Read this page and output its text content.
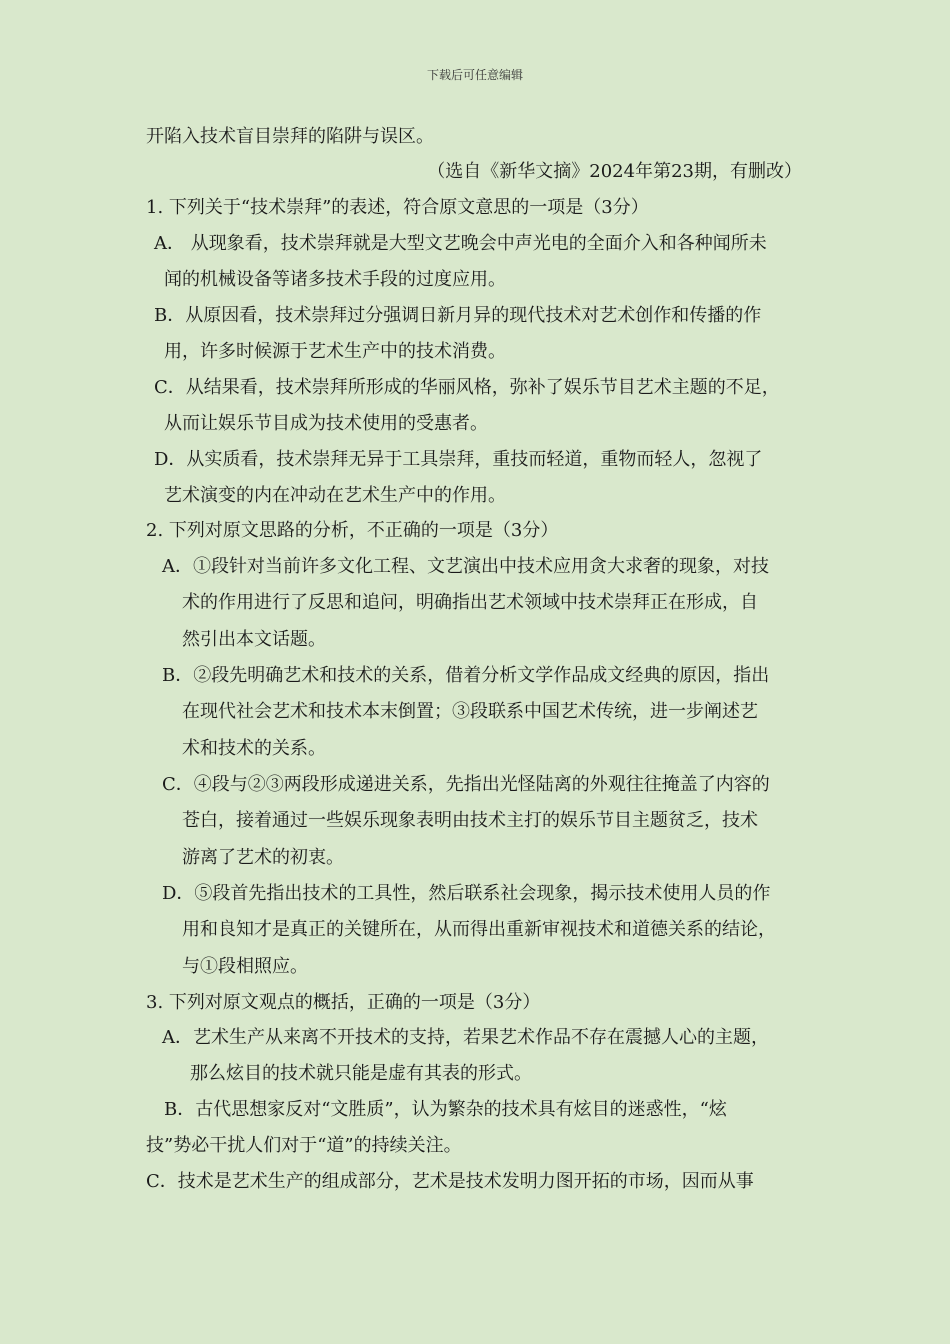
下载后可任意编辑
开陷入技术盲目崇拜的陷阱与误区。
（选自《新华文摘》2024年第23期，有删改）
1. 下列关于“技术崇拜”的表述，符合原文意思的一项是（3分）
A． 从现象看，技术崇拜就是大型文艺晚会中声光电的全面介入和各种闻所未
闻的机械设备等诸多技术手段的过度应用。
B．从原因看，技术崇拜过分强调日新月异的现代技术对艺术创作和传播的作
用，许多时候源于艺术生产中的技术消费。
C．从结果看，技术崇拜所形成的华丽风格，弥补了娱乐节目艺术主题的不足，
从而让娱乐节目成为技术使用的受惠者。
D．从实质看，技术崇拜无异于工具崇拜，重技而轻道，重物而轻人，忽视了
艺术演变的内在冲动在艺术生产中的作用。
2. 下列对原文思路的分析，不正确的一项是（3分）
A．①段针对当前许多文化工程、文艺演出中技术应用贪大求奢的现象，对技
术的作用进行了反思和追问，明确指出艺术领域中技术崇拜正在形成，自
然引出本文话题。
B．②段先明确艺术和技术的关系，借着分析文学作品成文经典的原因，指出
在现代社会艺术和技术本末倒置；③段联系中国艺术传统，进一步阐述艺
术和技术的关系。
C．④段与②③两段形成递进关系，先指出光怪陆离的外观往往掩盖了内容的
苍白，接着通过一些娱乐现象表明由技术主打的娱乐节目主题贫乏，技术
游离了艺术的初衷。
D．⑤段首先指出技术的工具性，然后联系社会现象，揭示技术使用人员的作
用和良知才是真正的关键所在，从而得出重新审视技术和道德关系的结论，
与①段相照应。
3. 下列对原文观点的概括，正确的一项是（3分）
A．艺术生产从来离不开技术的支持，若果艺术作品不存在震撼人心的主题，
那么炫目的技术就只能是虚有其表的形式。
B．古代思想家反对“文胜质”，认为繁杂的技术具有炫目的迷惑性，“炫
技”势必干扰人们对于“道”的持续关注。
C．技术是艺术生产的组成部分，艺术是技术发明力图开拓的市场，因而从事
